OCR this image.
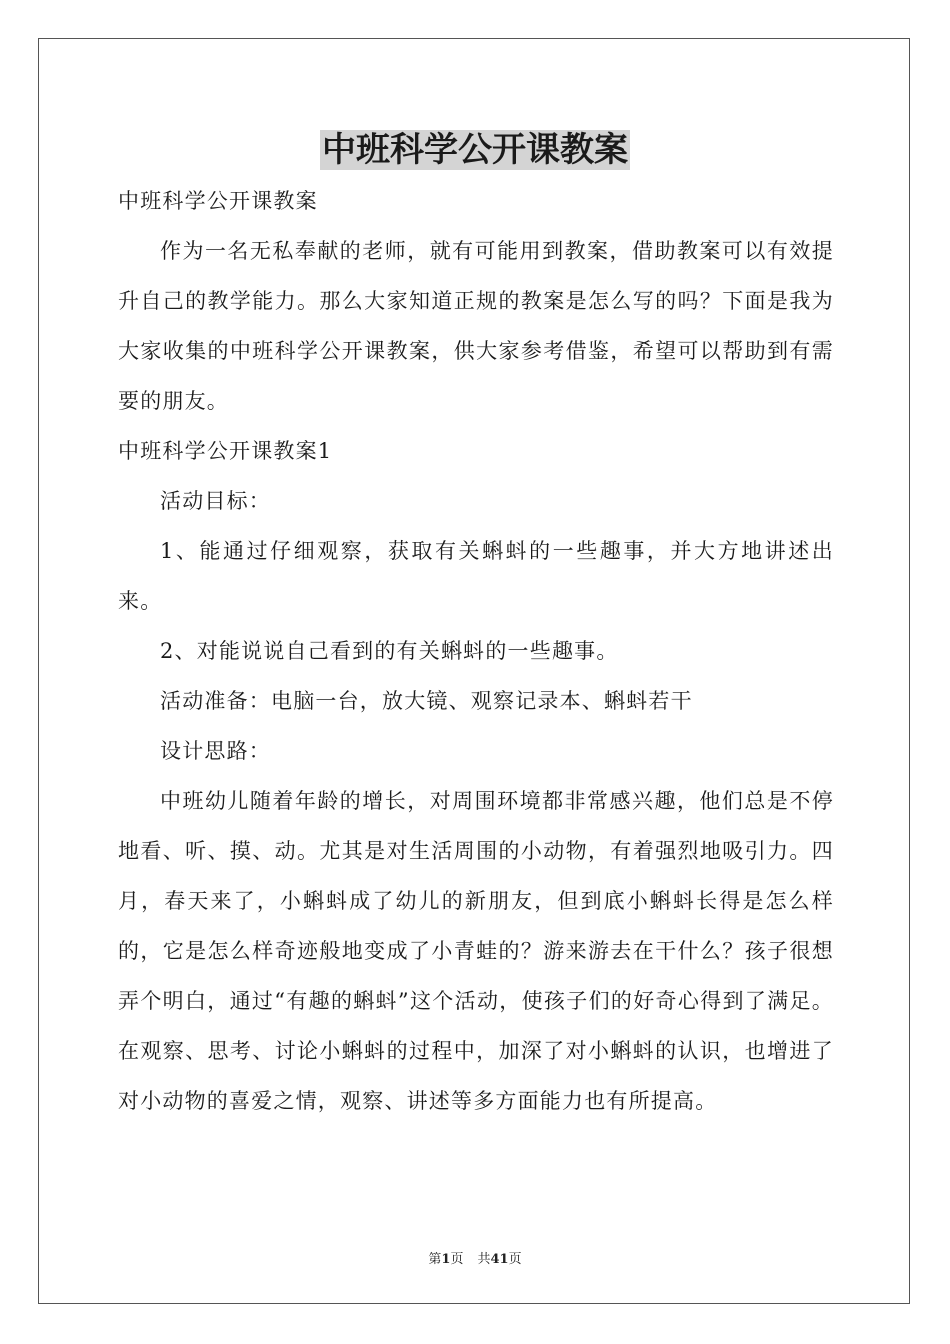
中班科学公开课教案

中班科学公开课教案

作为一名无私奉献的老师，就有可能用到教案，借助教案可以有效提升自己的教学能力。那么大家知道正规的教案是怎么写的吗？下面是我为大家收集的中班科学公开课教案，供大家参考借鉴，希望可以帮助到有需要的朋友。

中班科学公开课教案1

活动目标：

1、能通过仔细观察，获取有关蝌蚪的一些趣事，并大方地讲述出来。

2、对能说说自己看到的有关蝌蚪的一些趣事。

活动准备：电脑一台，放大镜、观察记录本、蝌蚪若干

设计思路：

中班幼儿随着年龄的增长，对周围环境都非常感兴趣，他们总是不停地看、听、摸、动。尤其是对生活周围的小动物，有着强烈地吸引力。四月，春天来了，小蝌蚪成了幼儿的新朋友，但到底小蝌蚪长得是怎么样的，它是怎么样奇迹般地变成了小青蛙的？游来游去在干什么？孩子很想弄个明白，通过“有趣的蝌蚪”这个活动，使孩子们的好奇心得到了满足。在观察、思考、讨论小蝌蚪的过程中，加深了对小蝌蚪的认识，也增进了对小动物的喜爱之情，观察、讲述等多方面能力也有所提高。

第1页 共41页
